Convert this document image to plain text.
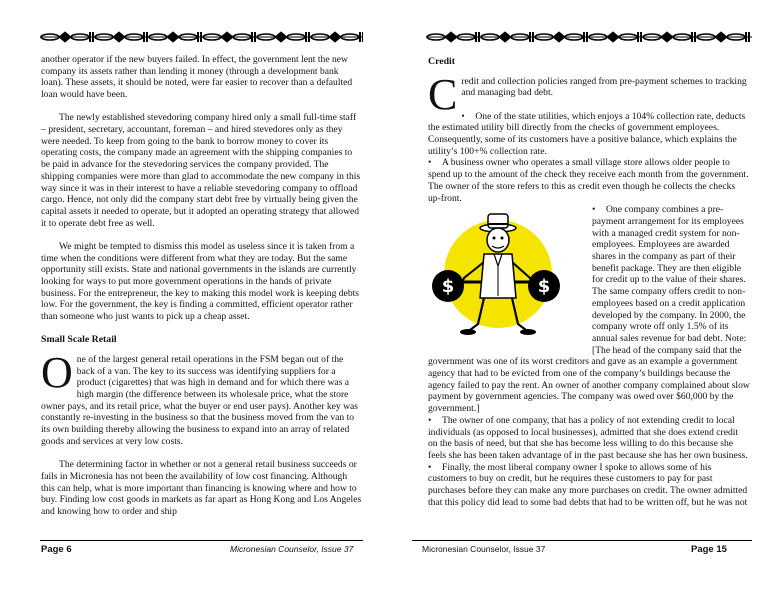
another operator if the new buyers failed. In effect, the government lent the new company its assets rather than lending it money (through a development bank loan). These assets, it should be noted, were far easier to recover than a defaulted loan would have been.

The newly established stevedoring company hired only a small full-time staff – president, secretary, accountant, foreman – and hired stevedores only as they were needed. To keep from going to the bank to borrow money to cover its operating costs, the company made an agreement with the shipping companies to be paid in advance for the stevedoring services the company provided. The shipping companies were more than glad to accommodate the new company in this way since it was in their interest to have a reliable stevedoring company to offload cargo. Hence, not only did the company start debt free by virtually being given the capital assets it needed to operate, but it adopted an operating strategy that allowed it to operate debt free as well.

We might be tempted to dismiss this model as useless since it is taken from a time when the conditions were different from what they are today. But the same opportunity still exists. State and national governments in the islands are currently looking for ways to put more government operations in the hands of private business. For the entrepreneur, the key to making this model work is keeping debts low. For the government, the key is finding a committed, efficient operator rather than someone who just wants to pick up a cheap asset.

Small Scale Retail

One of the largest general retail operations in the FSM began out of the back of a van. The key to its success was identifying suppliers for a product (cigarettes) that was high in demand and for which there was a high margin (the difference between its wholesale price, what the store owner pays, and its retail price, what the buyer or end user pays). Another key was constantly re-investing in the business so that the business moved from the van to its own building thereby allowing the business to expand into an array of related goods and services at very low costs.

The determining factor in whether or not a general retail business succeeds or fails in Micronesia has not been the availability of low cost financing. Although this can help, what is more important than financing is knowing where and how to buy. Finding low cost goods in markets as far apart as Hong Kong and Los Angeles and knowing how to order and ship

Page 6	Micronesian Counselor, Issue 37
Credit

Credit and collection policies ranged from pre-payment schemes to tracking and managing bad debt.

• One of the state utilities, which enjoys a 104% collection rate, deducts the estimated utility bill directly from the checks of government employees. Consequently, some of its customers have a positive balance, which explains the utility’s 100+% collection rate.

• A business owner who operates a small village store allows older people to spend up to the amount of the check they receive each month from the government. The owner of the store refers to this as credit even though he collects the checks up-front.

$	$

• One company combines a pre-payment arrangement for its employees with a managed credit system for non-employees. Employees are awarded shares in the company as part of their benefit package. They are then eligible for credit up to the value of their shares. The same company offers credit to non-employees based on a credit application developed by the company. In 2000, the company wrote off only 1.5% of its annual sales revenue for bad debt. Note: [The head of the company said that the government was one of its worst creditors and gave as an example a government agency that had to be evicted from one of the company’s buildings because the agency failed to pay the rent. An owner of another company complained about slow payment by government agencies. The company was owed over $60,000 by the government.]

• The owner of one company, that has a policy of not extending credit to local individuals (as opposed to local businesses), admitted that she does extend credit on the basis of need, but that she has become less willing to do this because she feels she has been taken advantage of in the past because she has her own business.

• Finally, the most liberal company owner I spoke to allows some of his customers to buy on credit, but he requires these customers to pay for past purchases before they can make any more purchases on credit. The owner admitted that this policy did lead to some bad debts that had to be written off, but he was not

Micronesian Counselor, Issue 37	Page 15
